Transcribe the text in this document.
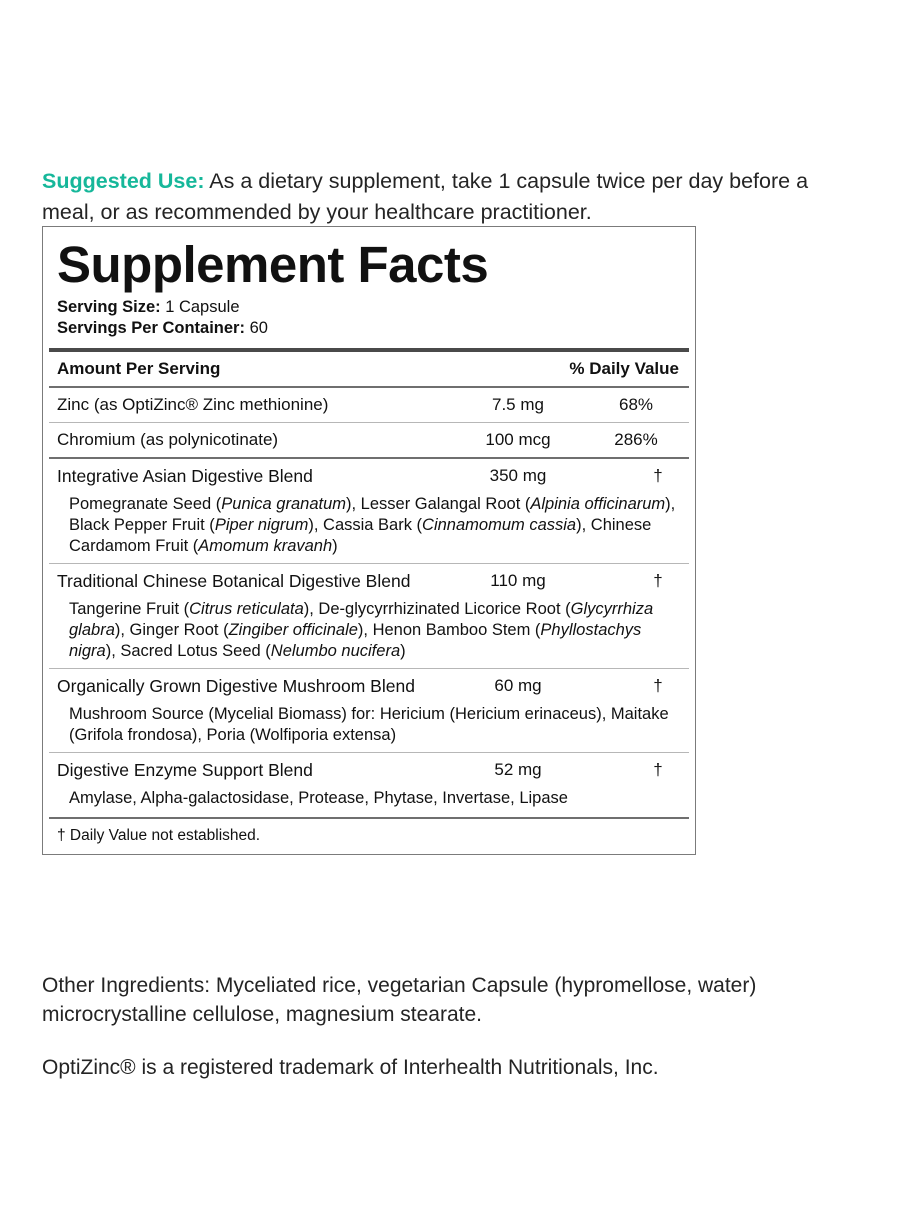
Suggested Use: As a dietary supplement, take 1 capsule twice per day before a meal, or as recommended by your healthcare practitioner.

Supplement Facts
Serving Size: 1 Capsule
Servings Per Container: 60
Amount Per Serving	% Daily Value
Zinc (as OptiZinc® Zinc methionine)	7.5 mg	68%
Chromium (as polynicotinate)	100 mcg	286%
Integrative Asian Digestive Blend	350 mg	†
Pomegranate Seed (Punica granatum), Lesser Galangal Root (Alpinia officinarum), Black Pepper Fruit (Piper nigrum), Cassia Bark (Cinnamomum cassia), Chinese Cardamom Fruit (Amomum kravanh)
Traditional Chinese Botanical Digestive Blend	110 mg	†
Tangerine Fruit (Citrus reticulata), De-glycyrrhizinated Licorice Root (Glycyrrhiza glabra), Ginger Root (Zingiber officinale), Henon Bamboo Stem (Phyllostachys nigra), Sacred Lotus Seed (Nelumbo nucifera)
Organically Grown Digestive Mushroom Blend	60 mg	†
Mushroom Source (Mycelial Biomass) for: Hericium (Hericium erinaceus), Maitake (Grifola frondosa), Poria (Wolfiporia extensa)
Digestive Enzyme Support Blend	52 mg	†
Amylase, Alpha-galactosidase, Protease, Phytase, Invertase, Lipase
† Daily Value not established.

Other Ingredients: Myceliated rice, vegetarian Capsule (hypromellose, water) microcrystalline cellulose, magnesium stearate.

OptiZinc® is a registered trademark of Interhealth Nutritionals, Inc.
